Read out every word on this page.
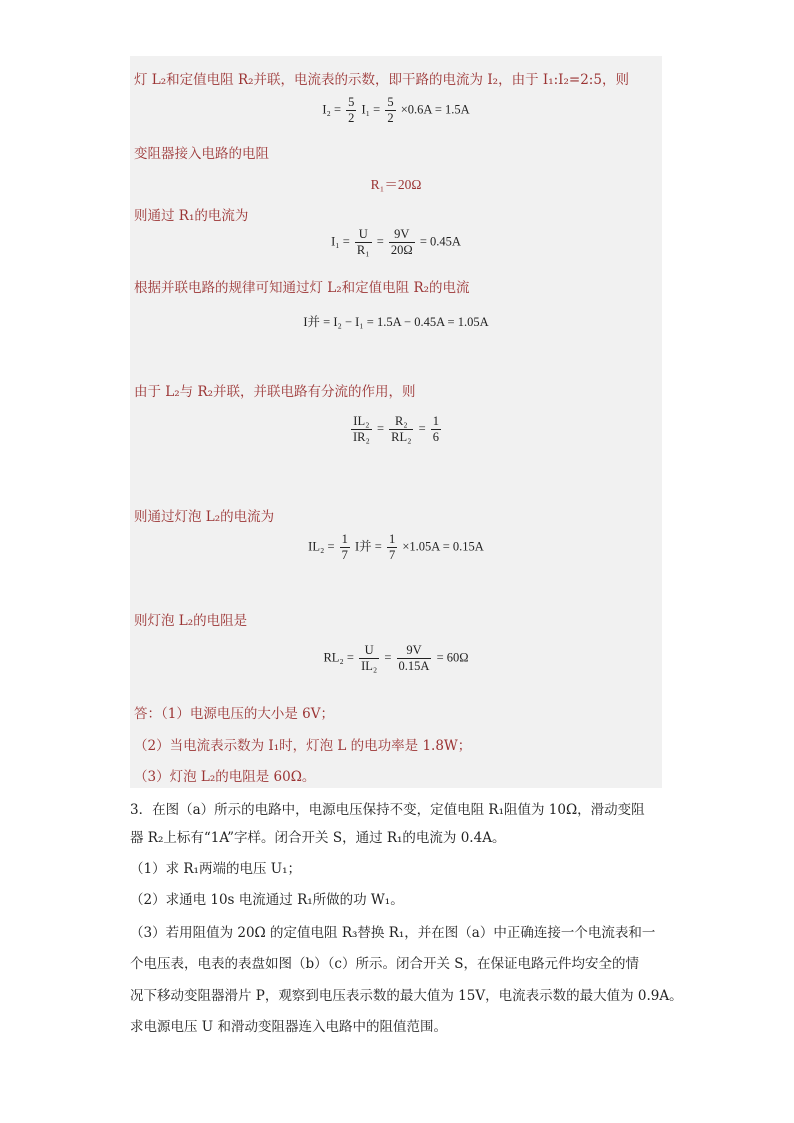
灯 L₂和定值电阻 R₂并联，电流表的示数，即干路的电流为 I₂，由于 I₁:I₂=2:5，则
$I_2 = \frac{5}{2} I_1 = \frac{5}{2} \times 0.6A = 1.5A$
变阻器接入电路的电阻
R₁＝20Ω
则通过 R₁的电流为
$I_1 = \frac{U}{\text{R₁}} = \frac{9V}{20\Omega} = 0.45A$
根据并联电路的规律可知通过灯 L₂和定值电阻 R₂的电流
I并 = I₂ − I₁ = 1.5A − 0.45A = 1.05A
由于 L₂与 R₂并联，并联电路有分流的作用，则
$\frac{\text{IL₂}}{\text{IR₂}} = \frac{\text{R₂}}{\text{RL₂}} = \frac{1}{6}$
则通过灯泡 L₂的电流为
$IL_2 = \frac{1}{7}$ I并 = $\frac{1}{7} \times 1.05A = 0.15A$
则灯泡 L₂的电阻是
$RL_2 = \frac{U}{\text{IL₂}} = \frac{9V}{0.15A} = 60\Omega$
答：（1）电源电压的大小是 6V；
（2）当电流表示数为 I₁时，灯泡 L 的电功率是 1.8W；
（3）灯泡 L₂的电阻是 60Ω。
3．在图（a）所示的电路中，电源电压保持不变，定值电阻 R₁阻值为 10Ω，滑动变阻
器 R₂上标有“1A”字样。闭合开关 S，通过 R₁的电流为 0.4A。
（1）求 R₁两端的电压 U₁；
（2）求通电 10s 电流通过 R₁所做的功 W₁。
（3）若用阻值为 20Ω 的定值电阻 R₃替换 R₁，并在图（a）中正确连接一个电流表和一
个电压表，电表的表盘如图（b）（c）所示。闭合开关 S，在保证电路元件均安全的情
况下移动变阻器滑片 P，观察到电压表示数的最大值为 15V，电流表示数的最大值为 0.9A。
求电源电压 U 和滑动变阻器连入电路中的阻值范围。
